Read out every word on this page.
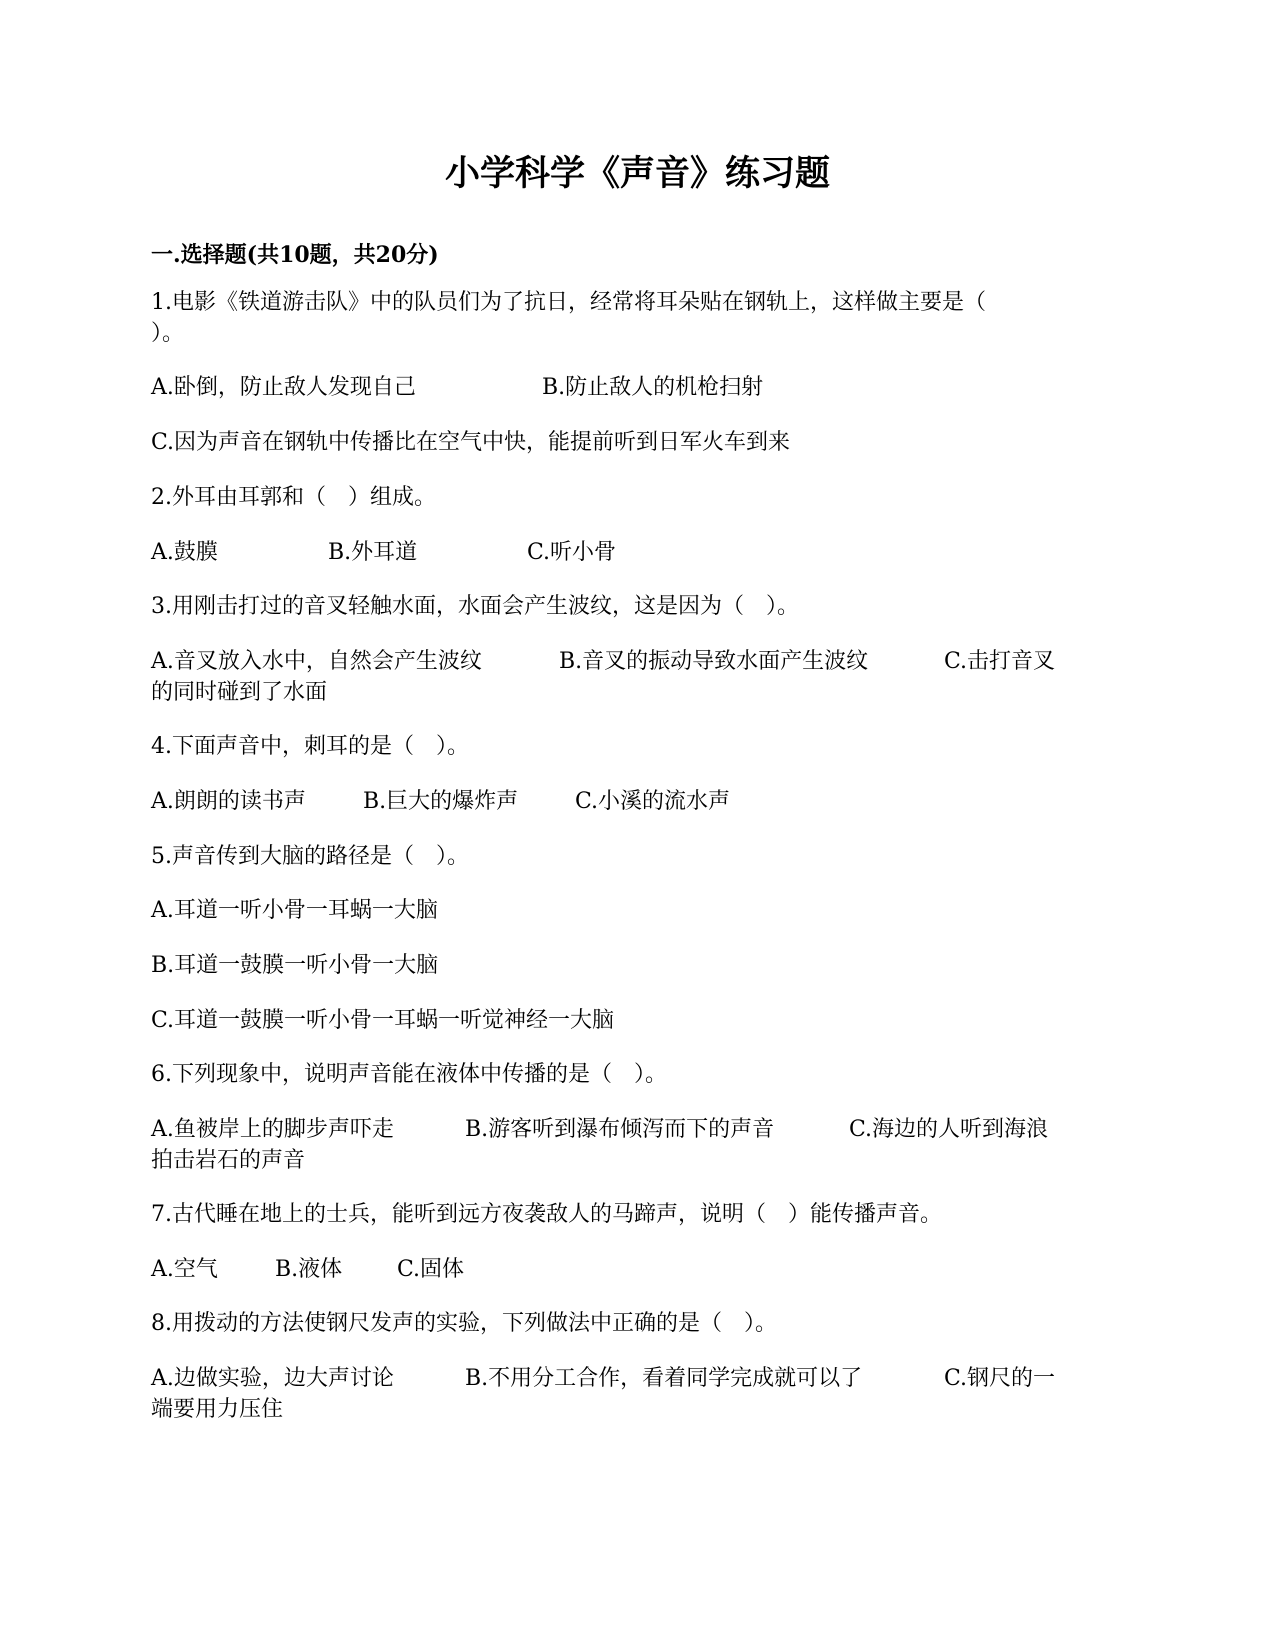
小学科学《声音》练习题
一.选择题(共10题，共20分)
1.电影《铁道游击队》中的队员们为了抗日，经常将耳朵贴在钢轨上，这样做主要是（
）。
A.卧倒，防止敌人发现自己	B.防止敌人的机枪扫射
C.因为声音在钢轨中传播比在空气中快，能提前听到日军火车到来
2.外耳由耳郭和（　）组成。
A.鼓膜	B.外耳道	C.听小骨
3.用刚击打过的音叉轻触水面，水面会产生波纹，这是因为（　）。
A.音叉放入水中，自然会产生波纹	B.音叉的振动导致水面产生波纹	C.击打音叉
的同时碰到了水面
4.下面声音中，刺耳的是（　）。
A.朗朗的读书声	B.巨大的爆炸声	C.小溪的流水声
5.声音传到大脑的路径是（　）。
A.耳道一听小骨一耳蜗一大脑
B.耳道一鼓膜一听小骨一大脑
C.耳道一鼓膜一听小骨一耳蜗一听觉神经一大脑
6.下列现象中，说明声音能在液体中传播的是（　）。
A.鱼被岸上的脚步声吓走	B.游客听到瀑布倾泻而下的声音	C.海边的人听到海浪
拍击岩石的声音
7.古代睡在地上的士兵，能听到远方夜袭敌人的马蹄声，说明（　）能传播声音。
A.空气	B.液体 C.固体
8.用拨动的方法使钢尺发声的实验，下列做法中正确的是（　）。
A.边做实验，边大声讨论	B.不用分工合作，看着同学完成就可以了	C.钢尺的一
端要用力压住
